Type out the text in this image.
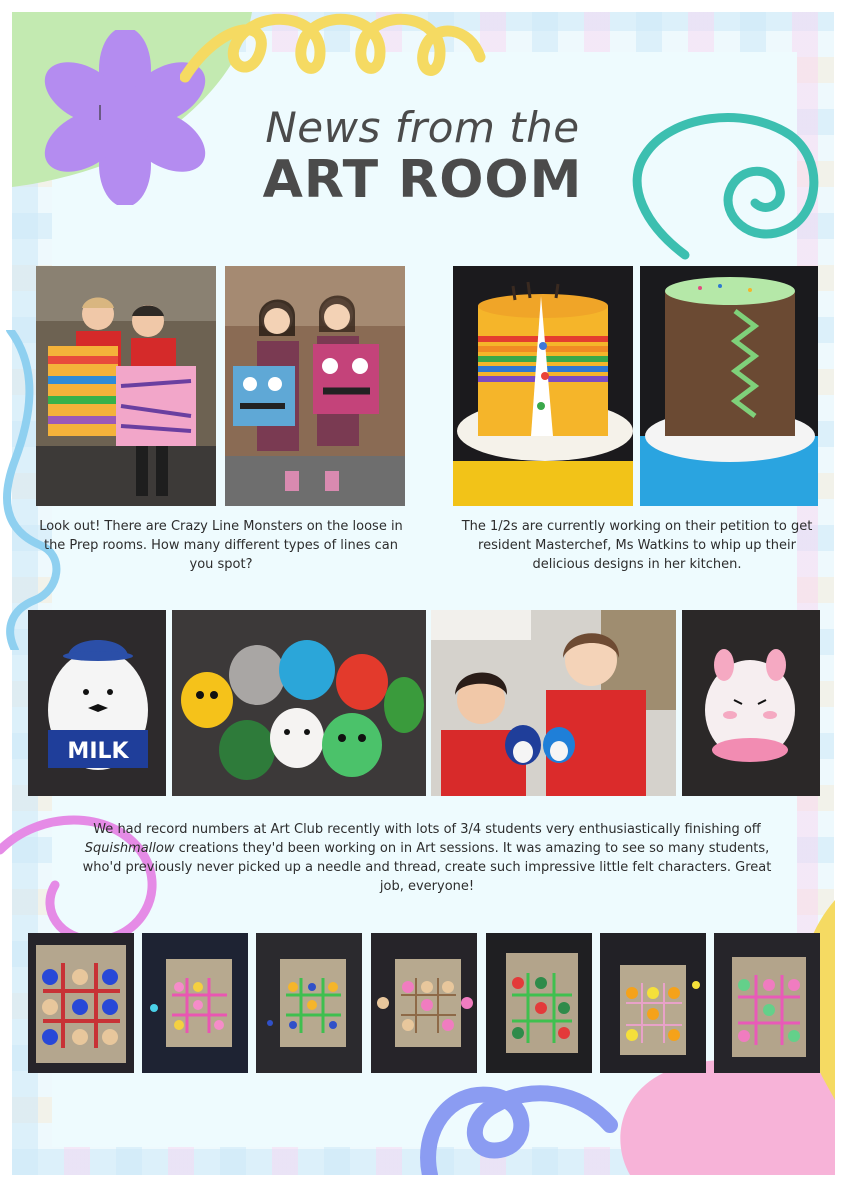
News from the
ART ROOM
Look out! There are Crazy Line Monsters on the loose in the Prep rooms. How many different types of lines can you spot?
The 1/2s are currently working on their petition to get resident Masterchef, Ms Watkins to whip up their delicious designs in her kitchen.
MILK
We had record numbers at Art Club recently with lots of 3/4 students very enthusiastically finishing off Squishmallow creations they'd been working on in Art sessions. It was amazing to see so many students, who'd previously never picked up a needle and thread, create such impressive little felt characters. Great job, everyone!
